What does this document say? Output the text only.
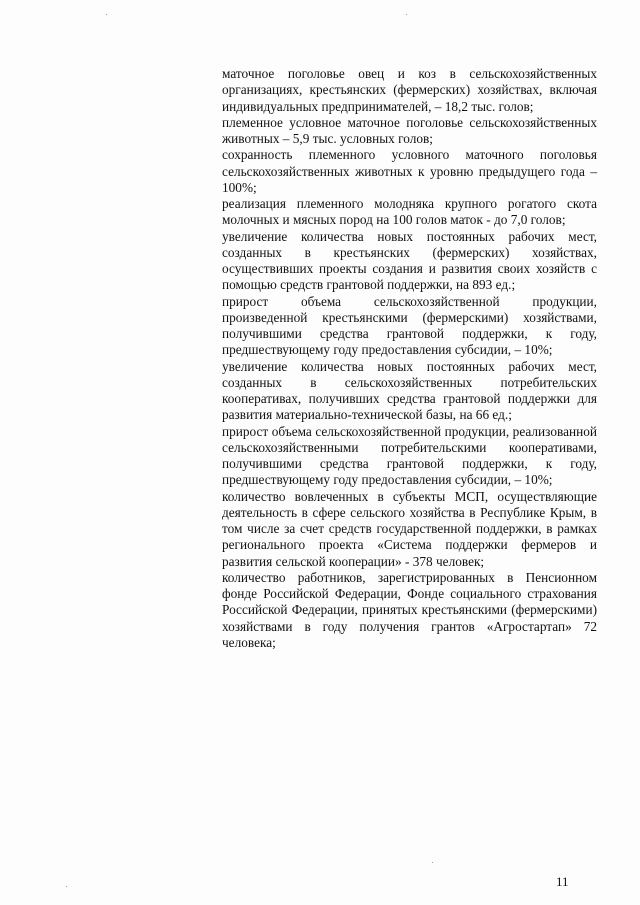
маточное поголовье овец и коз в сельскохозяйственных организациях, крестьянских (фермерских) хозяйствах, включая индивидуальных предпринимателей, – 18,2 тыс. голов;

племенное условное маточное поголовье сельскохозяйственных животных – 5,9 тыс. условных голов;

сохранность племенного условного маточного поголовья сельскохозяйственных животных к уровню предыдущего года – 100%;

реализация племенного молодняка крупного рогатого скота молочных и мясных пород на 100 голов маток - до 7,0 голов;

увеличение количества новых постоянных рабочих мест, созданных в крестьянских (фермерских) хозяйствах, осуществивших проекты создания и развития своих хозяйств с помощью средств грантовой поддержки, на 893 ед.;

прирост объема сельскохозяйственной продукции, произведенной крестьянскими (фермерскими) хозяйствами, получившими средства грантовой поддержки, к году, предшествующему году предоставления субсидии, – 10%;

увеличение количества новых постоянных рабочих мест, созданных в сельскохозяйственных потребительских кооперативах, получивших средства грантовой поддержки для развития материально-технической базы, на 66 ед.;

прирост объема сельскохозяйственной продукции, реализованной сельскохозяйственными потребительскими кооперативами, получившими средства грантовой поддержки, к году, предшествующему году предоставления субсидии, – 10%;

количество вовлеченных в субъекты МСП, осуществляющие деятельность в сфере сельского хозяйства в Республике Крым, в том числе за счет средств государственной поддержки, в рамках регионального проекта «Система поддержки фермеров и развития сельской кооперации» - 378 человек;

количество работников, зарегистрированных в Пенсионном фонде Российской Федерации, Фонде социального страхования Российской Федерации, принятых крестьянскими (фермерскими) хозяйствами в году получения грантов «Агростартап» 72 человека;

11
